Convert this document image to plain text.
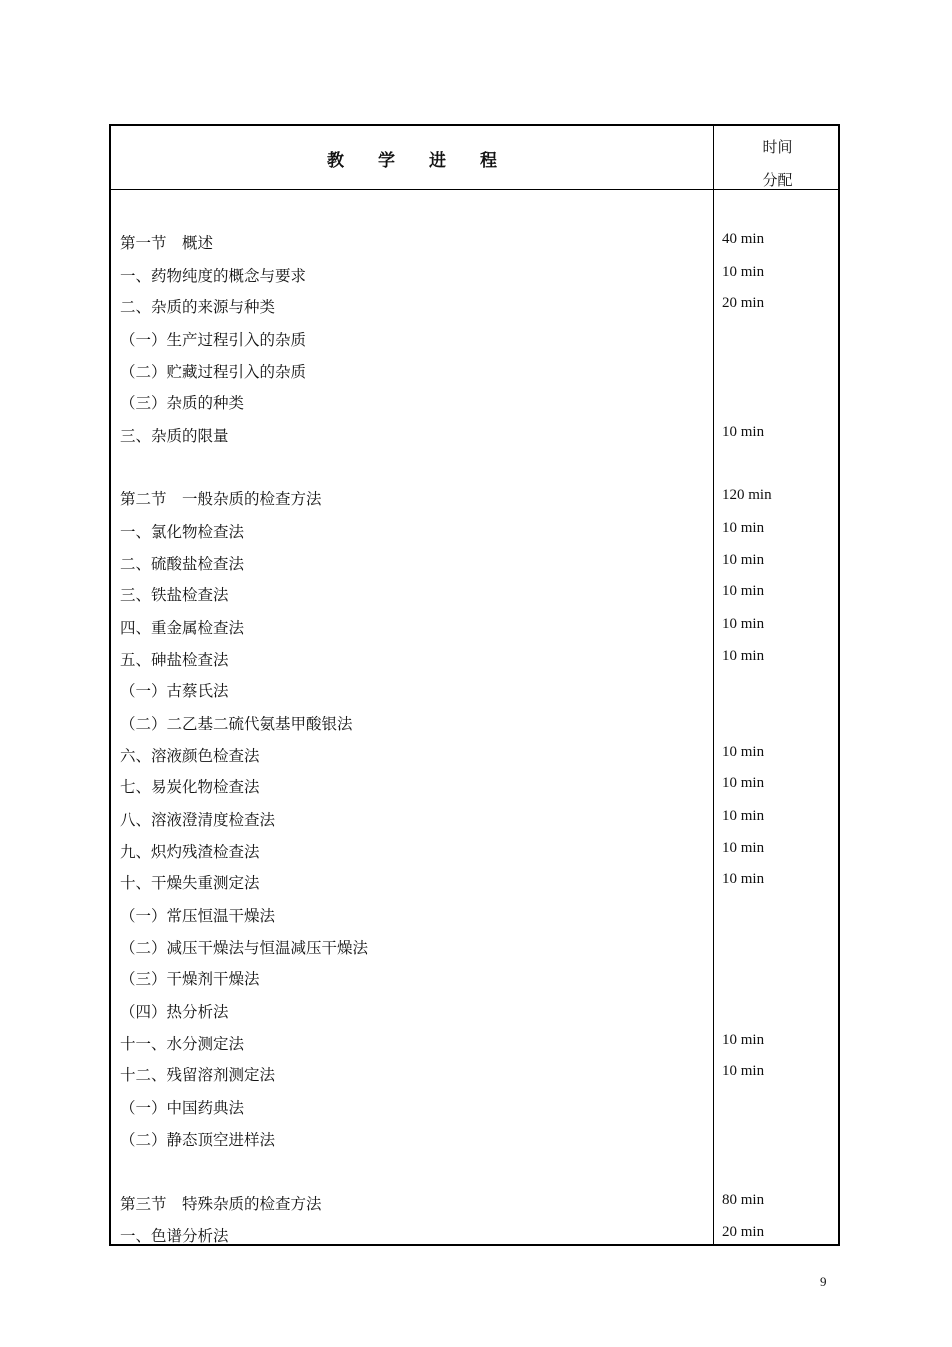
教学进程
时间
分配
第一节　概述	40 min
一、药物纯度的概念与要求	10 min
二、杂质的来源与种类	20 min
（一）生产过程引入的杂质
（二）贮藏过程引入的杂质
（三）杂质的种类
三、杂质的限量	10 min
第二节　一般杂质的检查方法	120 min
一、氯化物检查法	10 min
二、硫酸盐检查法	10 min
三、铁盐检查法	10 min
四、重金属检查法	10 min
五、砷盐检查法	10 min
（一）古蔡氏法
（二）二乙基二硫代氨基甲酸银法
六、溶液颜色检查法	10 min
七、易炭化物检查法	10 min
八、溶液澄清度检查法	10 min
九、炽灼残渣检查法	10 min
十、干燥失重测定法	10 min
（一）常压恒温干燥法
（二）减压干燥法与恒温减压干燥法
（三）干燥剂干燥法
（四）热分析法
十一、水分测定法	10 min
十二、残留溶剂测定法	10 min
（一）中国药典法
（二）静态顶空进样法
第三节　特殊杂质的检查方法	80 min
一、色谱分析法	20 min
9
